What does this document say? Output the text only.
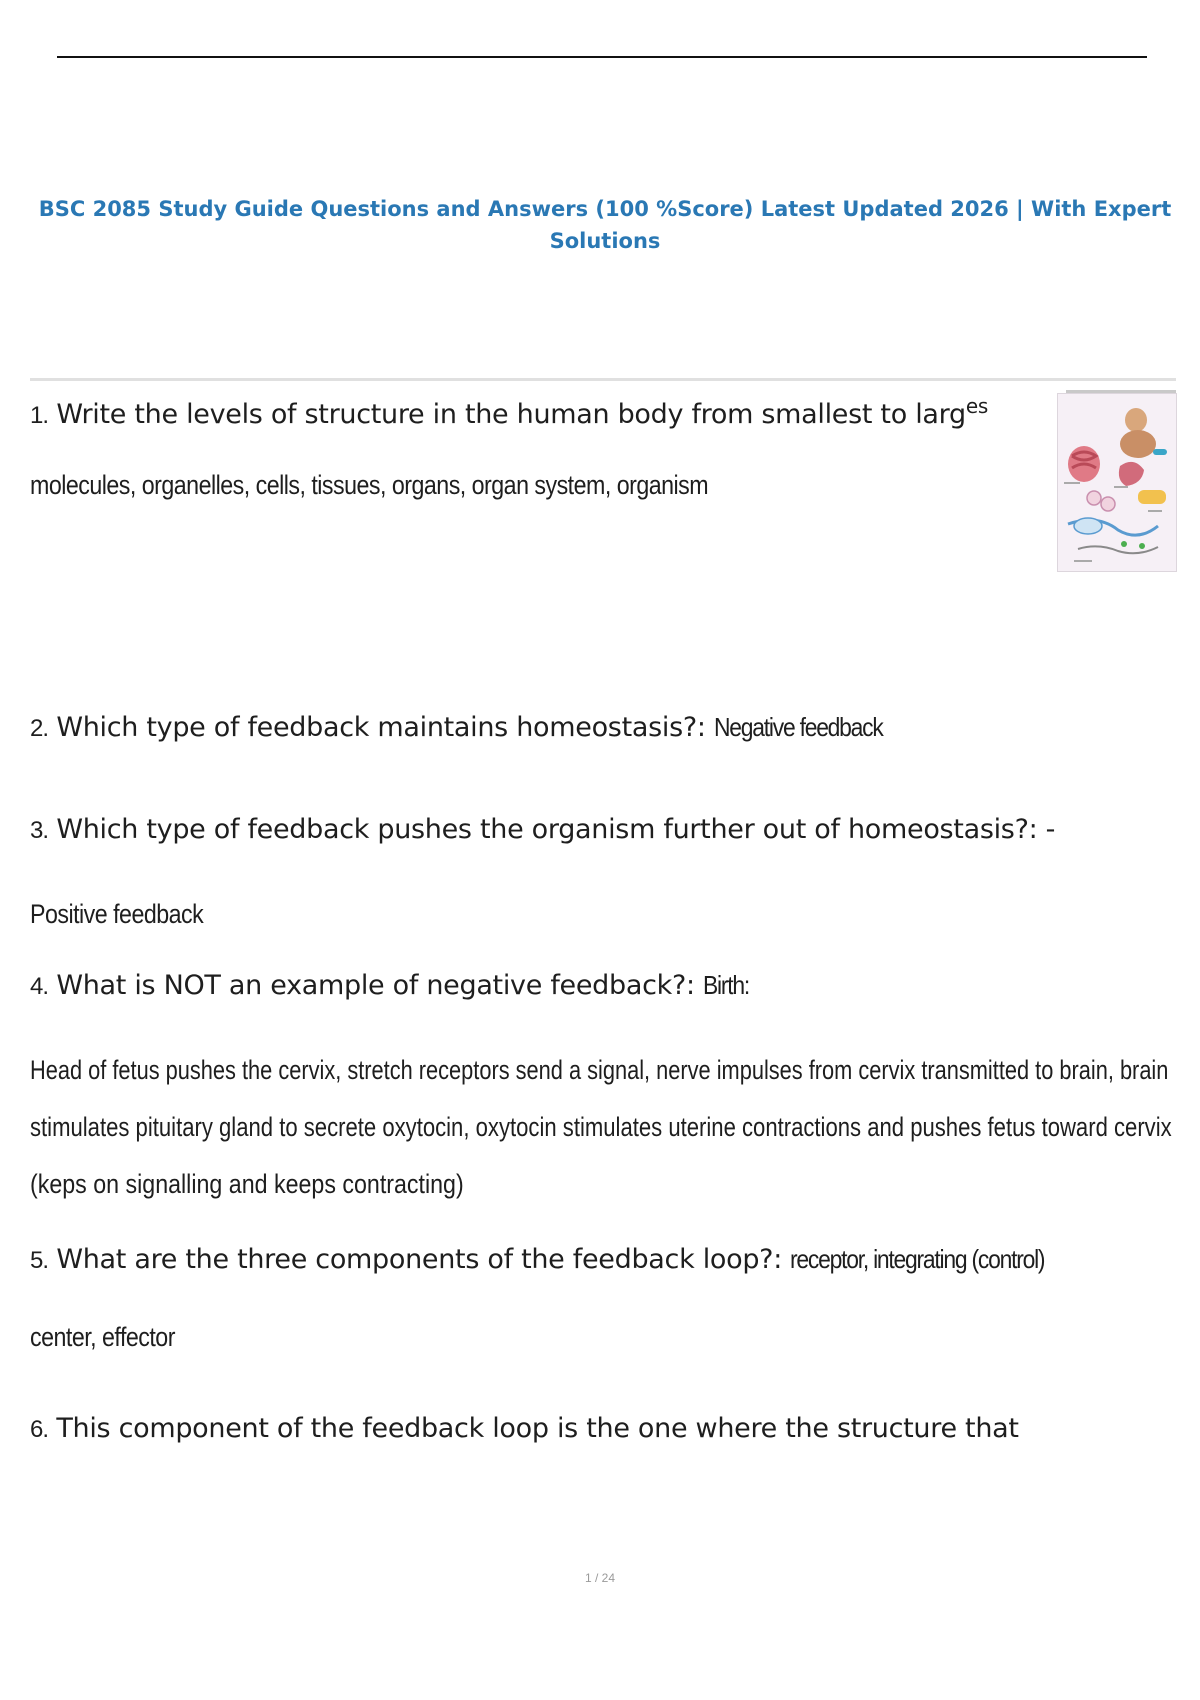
BSC 2085 Study Guide Questions and Answers (100 %Score) Latest Updated 2026 | With Expert Solutions
1. Write the levels of structure in the human body from smallest to larg$^{es}$
molecules, organelles, cells, tissues, organs, organ system, organism
2. Which type of feedback maintains homeostasis?: Negative feedback
3. Which type of feedback pushes the organism further out of homeostasis?: -
Positive feedback
4. What is NOT an example of negative feedback?: Birth:
Head of fetus pushes the cervix, stretch receptors send a signal, nerve impulses from cervix transmitted to brain, brain
stimulates pituitary gland to secrete oxytocin, oxytocin stimulates uterine contractions and pushes fetus toward cervix
(keps on signalling and keeps contracting)
5. What are the three components of the feedback loop?: receptor, integrating (control)
center, effector
6. This component of the feedback loop is the one where the structure that
1 / 24
